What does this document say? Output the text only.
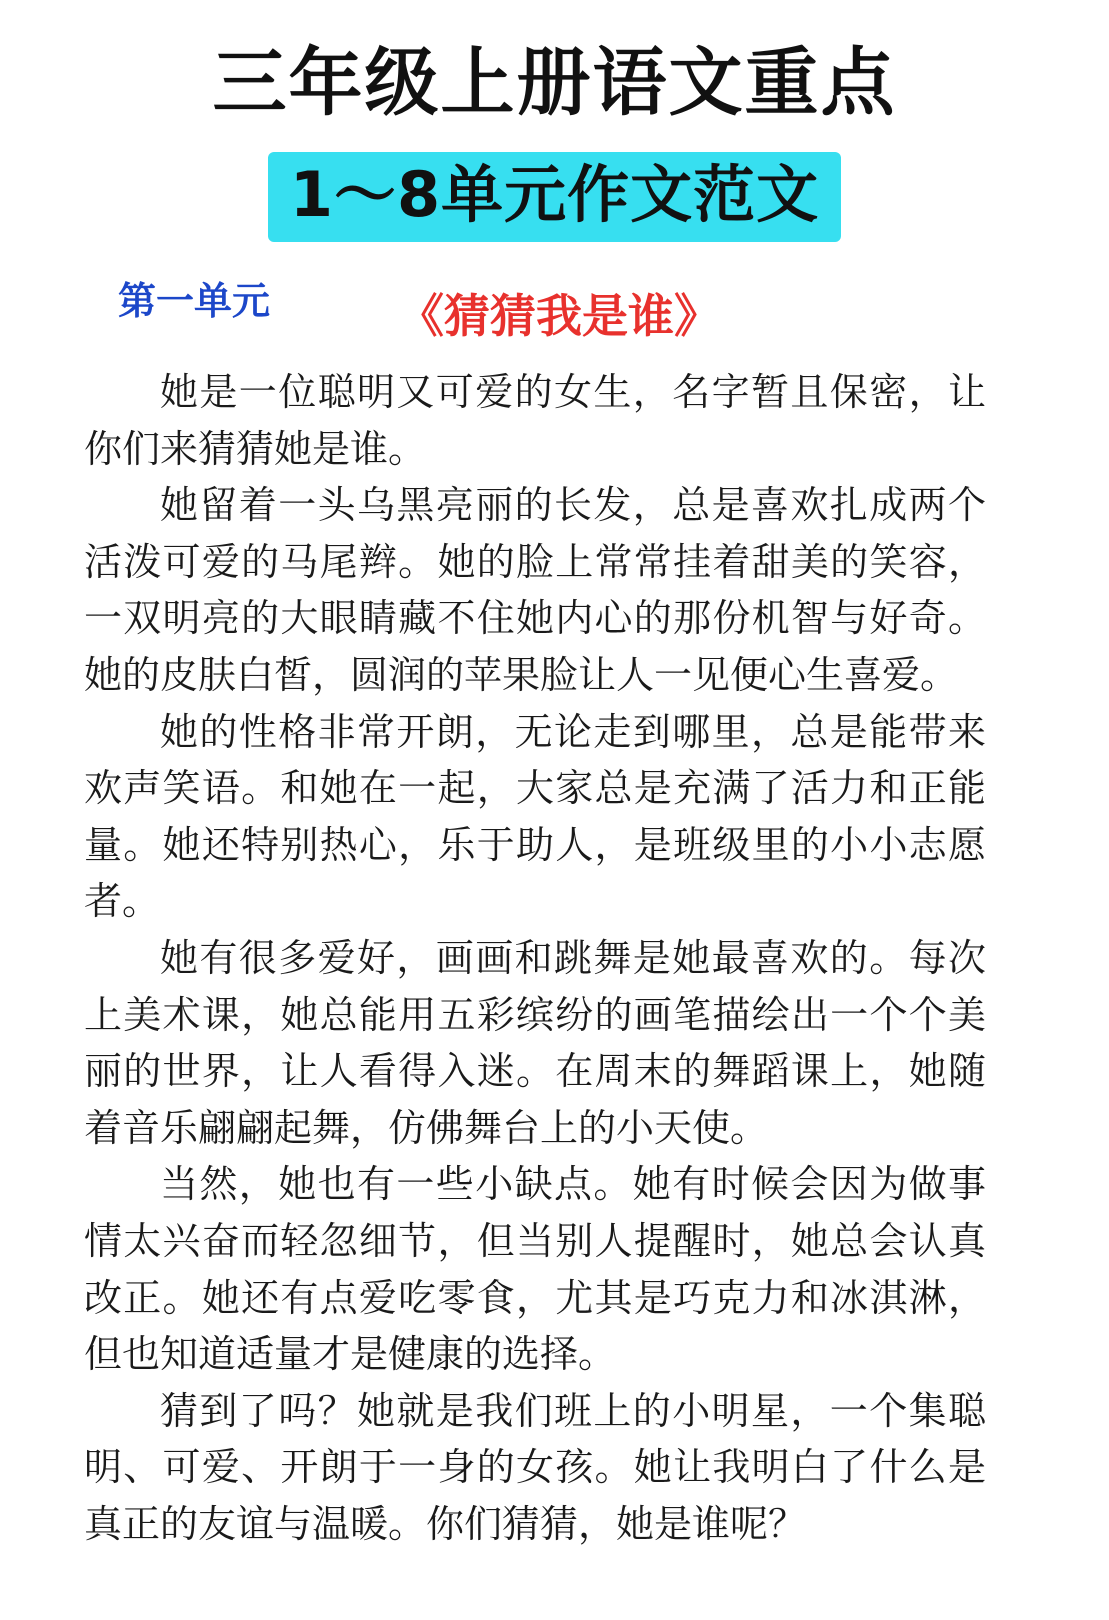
三年级上册语文重点
1～8单元作文范文
第一单元	《猜猜我是谁》

她是一位聪明又可爱的女生，名字暂且保密，让你们来猜猜她是谁。

她留着一头乌黑亮丽的长发，总是喜欢扎成两个活泼可爱的马尾辫。她的脸上常常挂着甜美的笑容，一双明亮的大眼睛藏不住她内心的那份机智与好奇。她的皮肤白皙，圆润的苹果脸让人一见便心生喜爱。

她的性格非常开朗，无论走到哪里，总是能带来欢声笑语。和她在一起，大家总是充满了活力和正能量。她还特别热心，乐于助人，是班级里的小小志愿者。

她有很多爱好，画画和跳舞是她最喜欢的。每次上美术课，她总能用五彩缤纷的画笔描绘出一个个美丽的世界，让人看得入迷。在周末的舞蹈课上，她随着音乐翩翩起舞，仿佛舞台上的小天使。

当然，她也有一些小缺点。她有时候会因为做事情太兴奋而轻忽细节，但当别人提醒时，她总会认真改正。她还有点爱吃零食，尤其是巧克力和冰淇淋，但也知道适量才是健康的选择。

猜到了吗？她就是我们班上的小明星，一个集聪明、可爱、开朗于一身的女孩。她让我明白了什么是真正的友谊与温暖。你们猜猜，她是谁呢？
